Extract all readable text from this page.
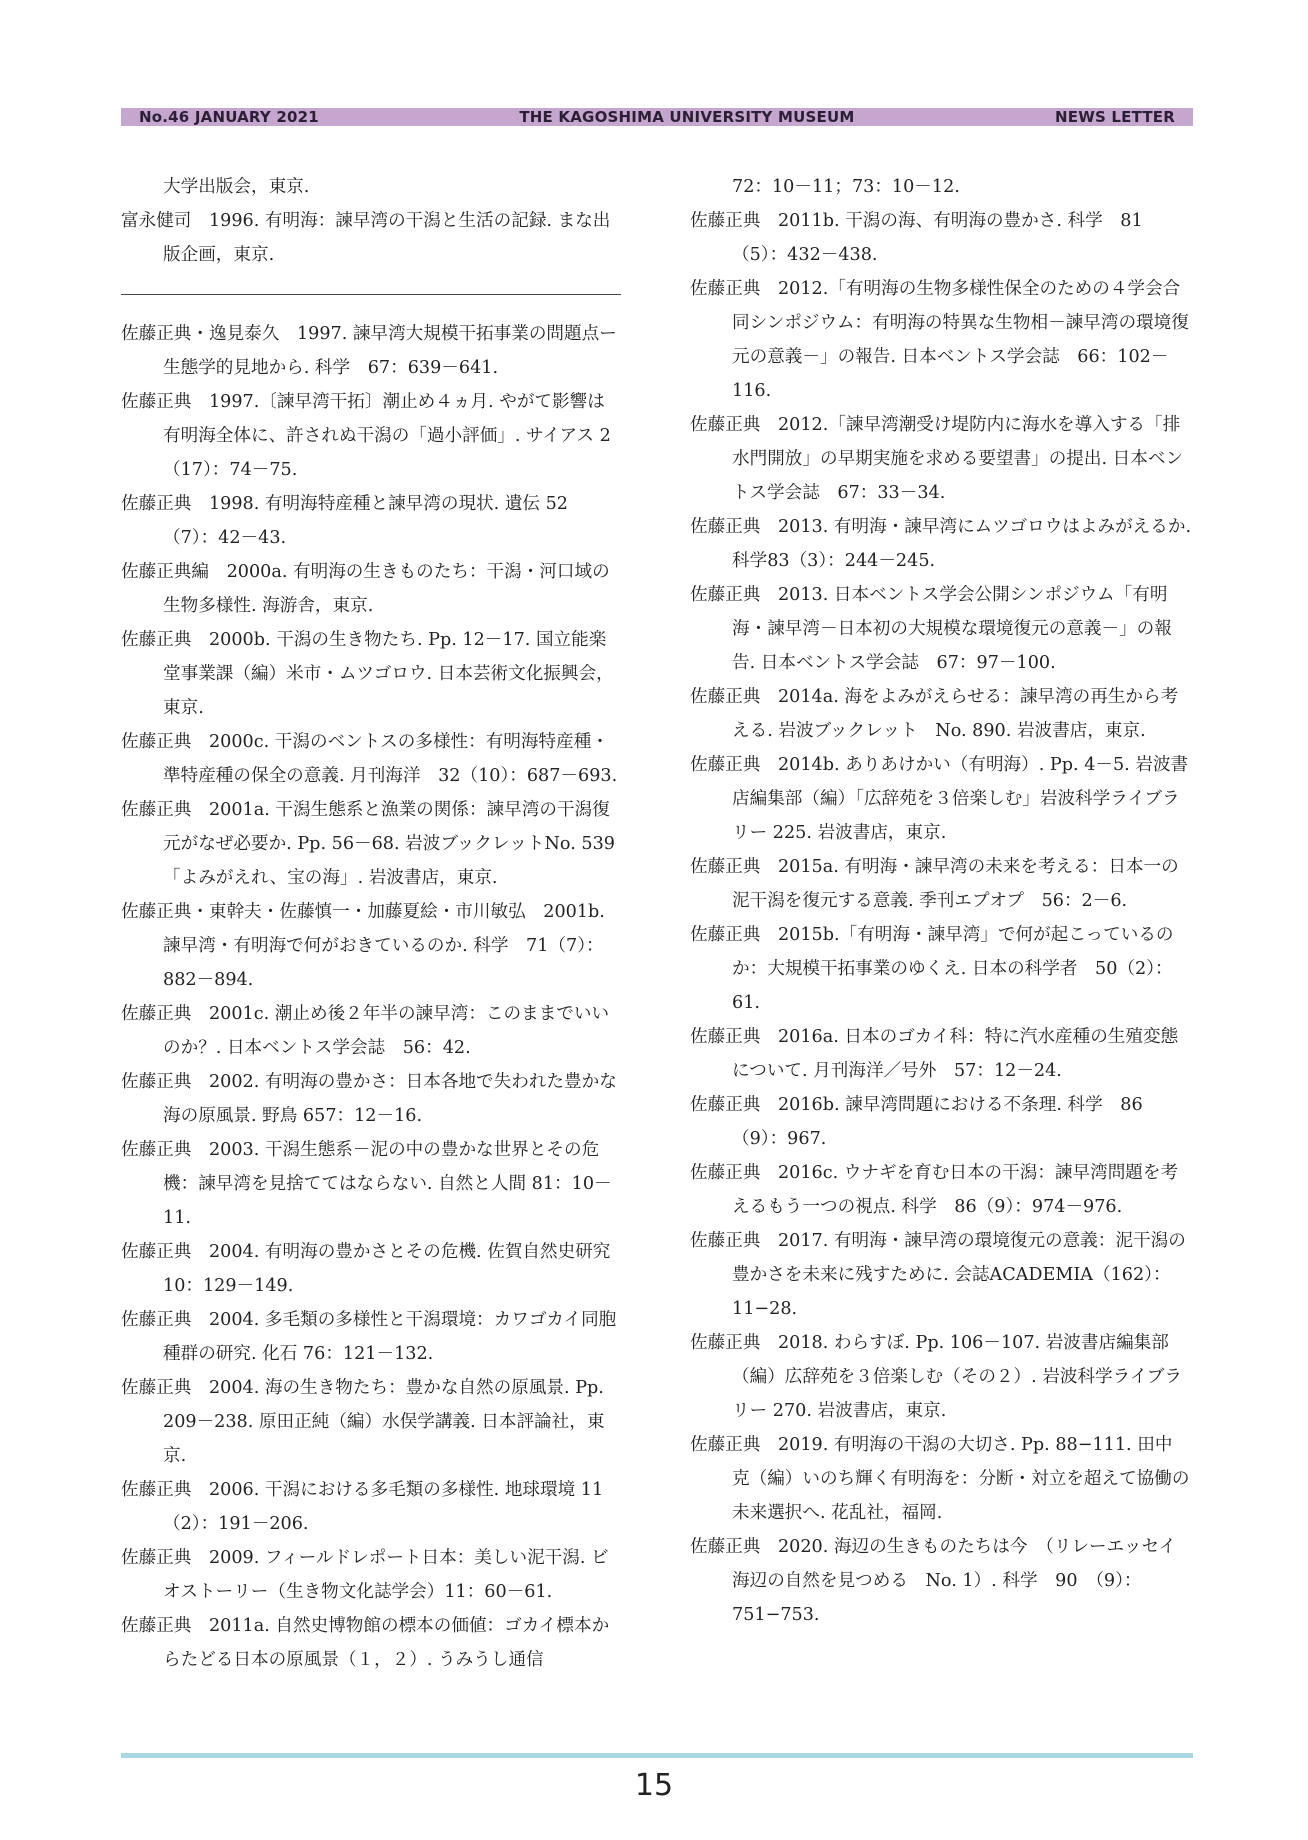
No.46 JANUARY 2021	THE KAGOSHIMA UNIVERSITY MUSEUM	NEWS LETTER
大学出版会，東京.
富永健司　1996. 有明海：諫早湾の干潟と生活の記録. まな出版企画，東京.
佐藤正典・逸見泰久　1997. 諫早湾大規模干拓事業の問題点ー生態学的見地から. 科学　67：639－641.
佐藤正典　1997.〔諫早湾干拓〕潮止め４ヵ月. やがて影響は有明海全体に、許されぬ干潟の「過小評価」. サイアス 2（17）：74－75.
佐藤正典　1998. 有明海特産種と諫早湾の現状. 遺伝 52（7）：42－43.
佐藤正典編　2000a. 有明海の生きものたち：干潟・河口域の生物多様性. 海游舎，東京.
佐藤正典　2000b. 干潟の生き物たち. Pp. 12－17. 国立能楽堂事業課（編）米市・ムツゴロウ. 日本芸術文化振興会，東京.
佐藤正典　2000c. 干潟のベントスの多様性：有明海特産種・準特産種の保全の意義. 月刊海洋　32（10）：687－693.
佐藤正典　2001a. 干潟生態系と漁業の関係：諫早湾の干潟復元がなぜ必要か. Pp. 56－68. 岩波ブックレットNo. 539「よみがえれ、宝の海」. 岩波書店，東京.
佐藤正典・東幹夫・佐藤慎一・加藤夏絵・市川敏弘　2001b. 諫早湾・有明海で何がおきているのか. 科学　71（7）：882－894.
佐藤正典　2001c. 潮止め後２年半の諫早湾：このままでいいのか？. 日本ベントス学会誌　56：42.
佐藤正典　2002. 有明海の豊かさ：日本各地で失われた豊かな海の原風景. 野鳥 657：12－16.
佐藤正典　2003. 干潟生態系－泥の中の豊かな世界とその危機：諫早湾を見捨ててはならない. 自然と人間 81：10－11.
佐藤正典　2004. 有明海の豊かさとその危機. 佐賀自然史研究 10：129－149.
佐藤正典　2004. 多毛類の多様性と干潟環境：カワゴカイ同胞種群の研究. 化石 76：121－132.
佐藤正典　2004. 海の生き物たち：豊かな自然の原風景. Pp. 209－238. 原田正純（編）水俣学講義. 日本評論社，東京.
佐藤正典　2006. 干潟における多毛類の多様性. 地球環境 11（2）：191－206.
佐藤正典　2009. フィールドレポート日本：美しい泥干潟. ビオストーリー（生き物文化誌学会）11：60－61.
佐藤正典　2011a. 自然史博物館の標本の価値：ゴカイ標本からたどる日本の原風景（１，２）. うみうし通信
72：10－11；73：10－12.
佐藤正典　2011b. 干潟の海、有明海の豊かさ. 科学　81（5）：432－438.
佐藤正典　2012.「有明海の生物多様性保全のための４学会合同シンポジウム：有明海の特異な生物相－諫早湾の環境復元の意義－」の報告. 日本ベントス学会誌　66：102－116.
佐藤正典　2012.「諫早湾潮受け堤防内に海水を導入する「排水門開放」の早期実施を求める要望書」の提出. 日本ベントス学会誌　67：33－34.
佐藤正典　2013. 有明海・諫早湾にムツゴロウはよみがえるか. 科学83（3）：244－245.
佐藤正典　2013. 日本ベントス学会公開シンポジウム「有明海・諫早湾－日本初の大規模な環境復元の意義－」の報告. 日本ベントス学会誌　67：97－100.
佐藤正典　2014a. 海をよみがえらせる：諫早湾の再生から考える. 岩波ブックレット　No. 890. 岩波書店，東京.
佐藤正典　2014b. ありあけかい（有明海）. Pp. 4－5. 岩波書店編集部（編）「広辞苑を３倍楽しむ」岩波科学ライブラリー 225. 岩波書店，東京.
佐藤正典　2015a. 有明海・諫早湾の未来を考える：日本一の泥干潟を復元する意義. 季刊エプオプ　56：2－6.
佐藤正典　2015b.「有明海・諫早湾」で何が起こっているのか：大規模干拓事業のゆくえ. 日本の科学者　50（2）：61.
佐藤正典　2016a. 日本のゴカイ科：特に汽水産種の生殖変態について. 月刊海洋／号外　57：12－24.
佐藤正典　2016b. 諫早湾問題における不条理. 科学　86（9）：967.
佐藤正典　2016c. ウナギを育む日本の干潟：諫早湾問題を考えるもう一つの視点. 科学　86（9）：974－976.
佐藤正典　2017. 有明海・諫早湾の環境復元の意義：泥干潟の豊かさを未来に残すために. 会誌ACADEMIA（162）：11−28.
佐藤正典　2018. わらすぼ. Pp. 106－107. 岩波書店編集部（編）広辞苑を３倍楽しむ（その２）. 岩波科学ライブラリー 270. 岩波書店，東京.
佐藤正典　2019. 有明海の干潟の大切さ. Pp. 88−111. 田中　克（編）いのち輝く有明海を：分断・対立を超えて協働の未来選択へ. 花乱社，福岡.
佐藤正典　2020. 海辺の生きものたちは今　（リレーエッセイ　海辺の自然を見つめる　No. 1）. 科学　90　（9）：751−753.
15
